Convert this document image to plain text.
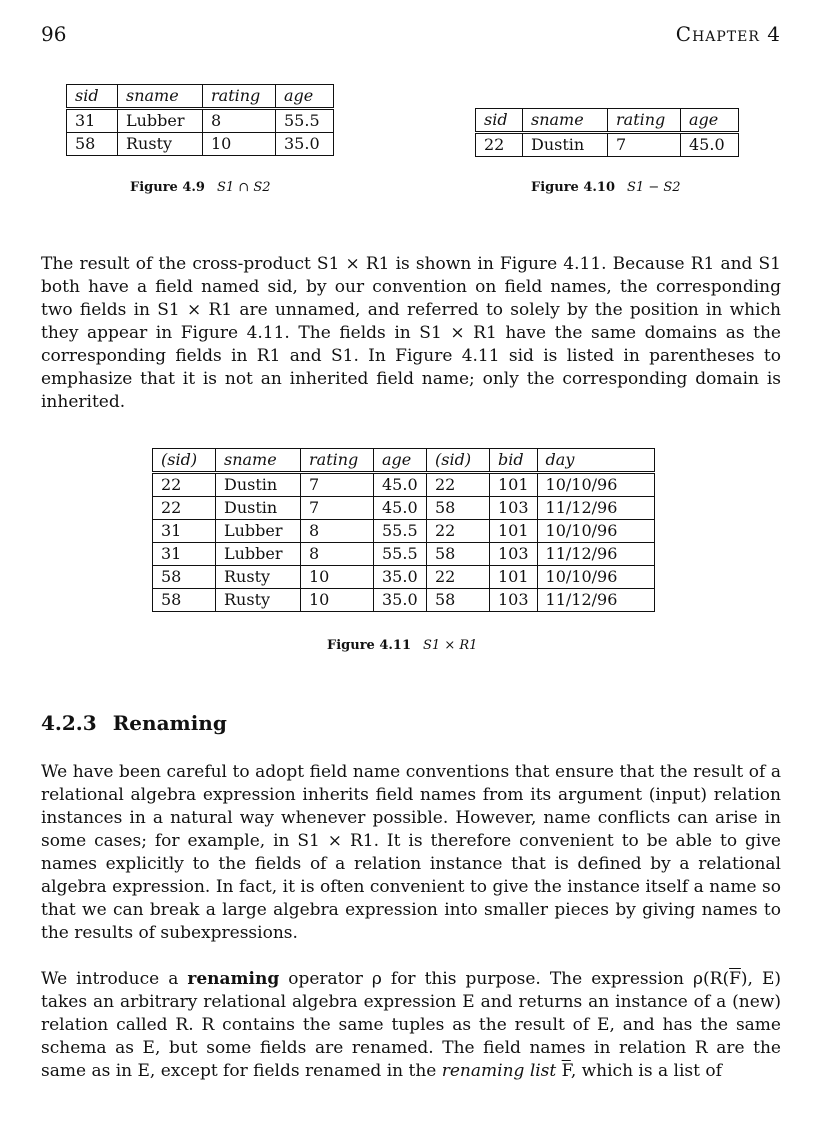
96	Chapter 4
sid	sname	rating	age
31	Lubber	8	55.5
58	Rusty	10	35.0
Figure 4.9 S1 ∩ S2
sid	sname	rating	age
22	Dustin	7	45.0
Figure 4.10 S1 − S2

The result of the cross-product S1 × R1 is shown in Figure 4.11. Because R1 and S1 both have a field named sid, by our convention on field names, the corresponding two fields in S1 × R1 are unnamed, and referred to solely by the position in which they appear in Figure 4.11. The fields in S1 × R1 have the same domains as the corresponding fields in R1 and S1. In Figure 4.11 sid is listed in parentheses to emphasize that it is not an inherited field name; only the corresponding domain is inherited.

(sid)	sname	rating	age	(sid)	bid	day
22	Dustin	7	45.0	22	101	10/10/96
22	Dustin	7	45.0	58	103	11/12/96
31	Lubber	8	55.5	22	101	10/10/96
31	Lubber	8	55.5	58	103	11/12/96
58	Rusty	10	35.0	22	101	10/10/96
58	Rusty	10	35.0	58	103	11/12/96
Figure 4.11 S1 × R1
4.2.3 Renaming

We have been careful to adopt field name conventions that ensure that the result of a relational algebra expression inherits field names from its argument (input) relation instances in a natural way whenever possible. However, name conflicts can arise in some cases; for example, in S1 × R1. It is therefore convenient to be able to give names explicitly to the fields of a relation instance that is defined by a relational algebra expression. In fact, it is often convenient to give the instance itself a name so that we can break a large algebra expression into smaller pieces by giving names to the results of subexpressions.

We introduce a renaming operator ρ for this purpose. The expression $\rho(R(\overline{F})$, E) takes an arbitrary relational algebra expression E and returns an instance of a (new) relation called R. R contains the same tuples as the result of E, and has the same schema as E, but some fields are renamed. The field names in relation R are the same as in E, except for fields renamed in the renaming list $\overline{F}$, which is a list of
